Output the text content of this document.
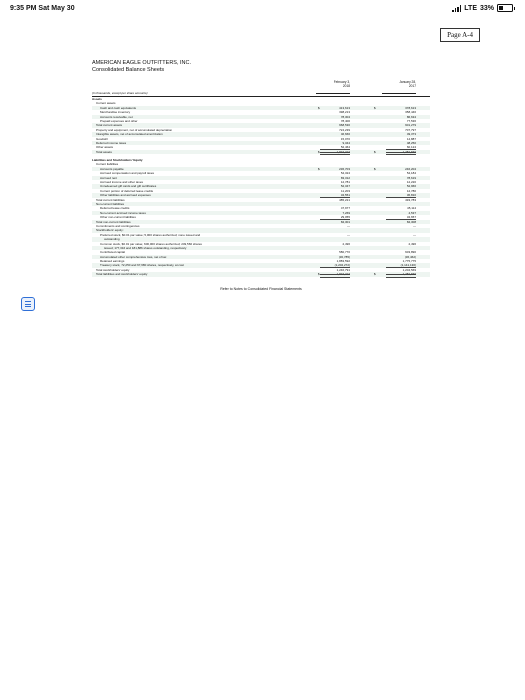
9:35 PM Sat May 30	LTE 33%
Page A-4
AMERICAN EAGLE OUTFITTERS, INC.
Consolidated Balance Sheets
(In thousands, except per share amounts)
February 3,
2018
January 28,
2017
Assets
Current assets
Cash and cash equivalents	413,613	378,613
$	$
Merchandise inventory	398,213	358,446
Accounts receivable, net	78,304	86,634
Prepaid expenses and other	78,400	77,536
Total current assets	968,530	901,279
Property and equipment, net of accumulated depreciation	724,239	707,797
Intangible assets, net of accumulated amortization	46,666	49,373
Goodwill	15,070	14,887
Deferred income taxes	9,344	48,250
Other assets	52,464	60,124
Total assets	1,816,313	1,782,660
$	$
Liabilities and Stockholders' Equity
Current liabilities
Accounts payable	236,703	246,204
$	$
Accrued compensation and payroll taxes	54,324	54,184
Accrued rent	83,312	78,619
Accrued income and other taxes	12,781	12,220
Unredeemed gift cards and gift certificates	52,347	52,966
Current portion of deferred lease credits	11,203	12,780
Other liabilities and accrued expenses	34,551	36,810
Total current liabilities	485,221	493,783
Non-current liabilities
Deferred lease credits	47,977	45,114
Non-current accrued income taxes	7,269	4,537
Other non-current liabilities	29,055	34,657
Total non-current liabilities	84,301	84,308
Commitments and contingencies	—	—
Stockholders' equity:
Preferred stock, $0.01 par value; 5,000 shares authorized; none issued and	—	—
outstanding
Common stock, $0.01 par value; 600,000 shares authorized; 249,566 shares	2,496	2,496
issued; 177,316 and 181,886 shares outstanding, respectively
Contributed capital	580,770	603,890
Accumulated other comprehensive loss, net of tax	(30,785)	(36,462)
Retained earnings	1,883,592	1,775,775
Treasury stock, 72,250 and 67,680 shares, respectively, at cost	(1,202,272)	(1,141,130)
Total stockholders' equity	1,246,791	1,204,569
Total liabilities and stockholders' equity	1,816,313	1,782,660
$	$
Refer to Notes to Consolidated Financial Statements
